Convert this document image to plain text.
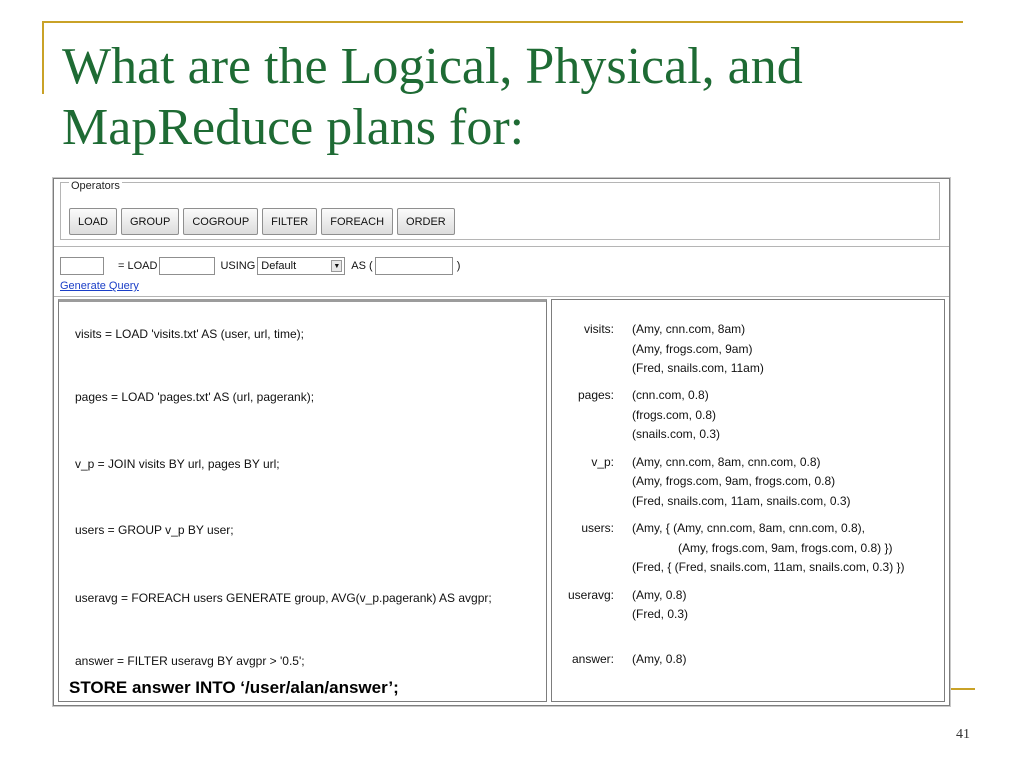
What are the Logical, Physical, and
MapReduce plans for:
Operators
LOAD	GROUP	COGROUP	FILTER	FOREACH	ORDER
= LOAD	USING Default	▼ AS (	)
Generate Query
visits = LOAD 'visits.txt' AS (user, url, time);
pages = LOAD 'pages.txt' AS (url, pagerank);
v_p = JOIN visits BY url, pages BY url;
users = GROUP v_p BY user;
useravg = FOREACH users GENERATE group, AVG(v_p.pagerank) AS avgpr;
answer = FILTER useravg BY avgpr > '0.5';
STORE answer INTO ‘/user/alan/answer’;
visits: (Amy, cnn.com, 8am)
(Amy, frogs.com, 9am)
(Fred, snails.com, 11am)
pages: (cnn.com, 0.8)
(frogs.com, 0.8)
(snails.com, 0.3)
v_p: (Amy, cnn.com, 8am, cnn.com, 0.8)
(Amy, frogs.com, 9am, frogs.com, 0.8)
(Fred, snails.com, 11am, snails.com, 0.3)
users: (Amy, { (Amy, cnn.com, 8am, cnn.com, 0.8),
(Amy, frogs.com, 9am, frogs.com, 0.8) })
(Fred, { (Fred, snails.com, 11am, snails.com, 0.3) })
useravg: (Amy, 0.8)
(Fred, 0.3)
answer: (Amy, 0.8)
41
